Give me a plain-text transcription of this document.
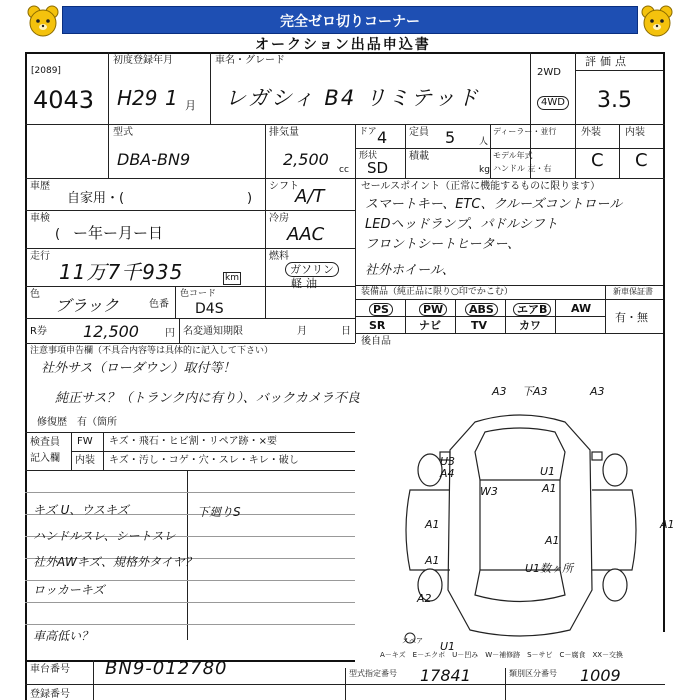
完全ゼロ切りコーナー
オークション出品申込書
[2089]
4043
初度登録年月
H29 1 月
車名・グレード
レガシィ B4 リミテッド
2WD
4WD
評価点
3.5
型式
DBA-BN9
排気量
2,500
cc
ドア 4 定員 5	人
形状
SD
積載
kg
ディーラー・並行
モデル年式
ハンドル 左・右
外装 内装
C C
車歴
自家用・(	)
シフト
A/T
車検
( ー年ー月ー日
冷房
AAC
走行
11万7千935	km
燃料
ガソリン
軽油
色
ブラック	色番
色コード
D4S
R券 12,500	円 名変通知期限	月	日
セールスポイント（正常に機能するものに限ります）
スマートキー、ETC、クルーズコントロール
LEDヘッドランプ、パドルシフト
フロントシートヒーター、
社外ホイール、
装備品（純正品に限り○印でかこむ）	新車保証書
PS	PW	ABS	エアB	AW
SR	ナビ	TV	カワ
有・無
後自品
注意事項申告欄（不具合内容等は具体的に記入して下さい）
社外サス（ローダウン）取付等！
純正サス？（トランク内に有り）、バックカメラ不良
修復歴　有（箇所
検査員
記入欄
FW
内装
キズ・飛石・ヒビ割・リペア跡・×要
キズ・汚し・コゲ・穴・スレ・キレ・破し
キズ U、ウスキズ
ハンドルスレ、シートスレ
社外AWキズ、規格外タイヤ？
ロッカーキズ
車高低い？
下廻りS
A3 下A3	A3
U3
A4
W3
U1
A1
A1	A1
A1
U1数ヶ所
A1
A2
U1
スペア
A－キズ　E－エクボ　U－凹み　W－補修跡　S－サビ　C－腐食　XX－交換
車台番号 BN9-012780
登録番号
型式指定番号 17841	類別区分番号 1009
